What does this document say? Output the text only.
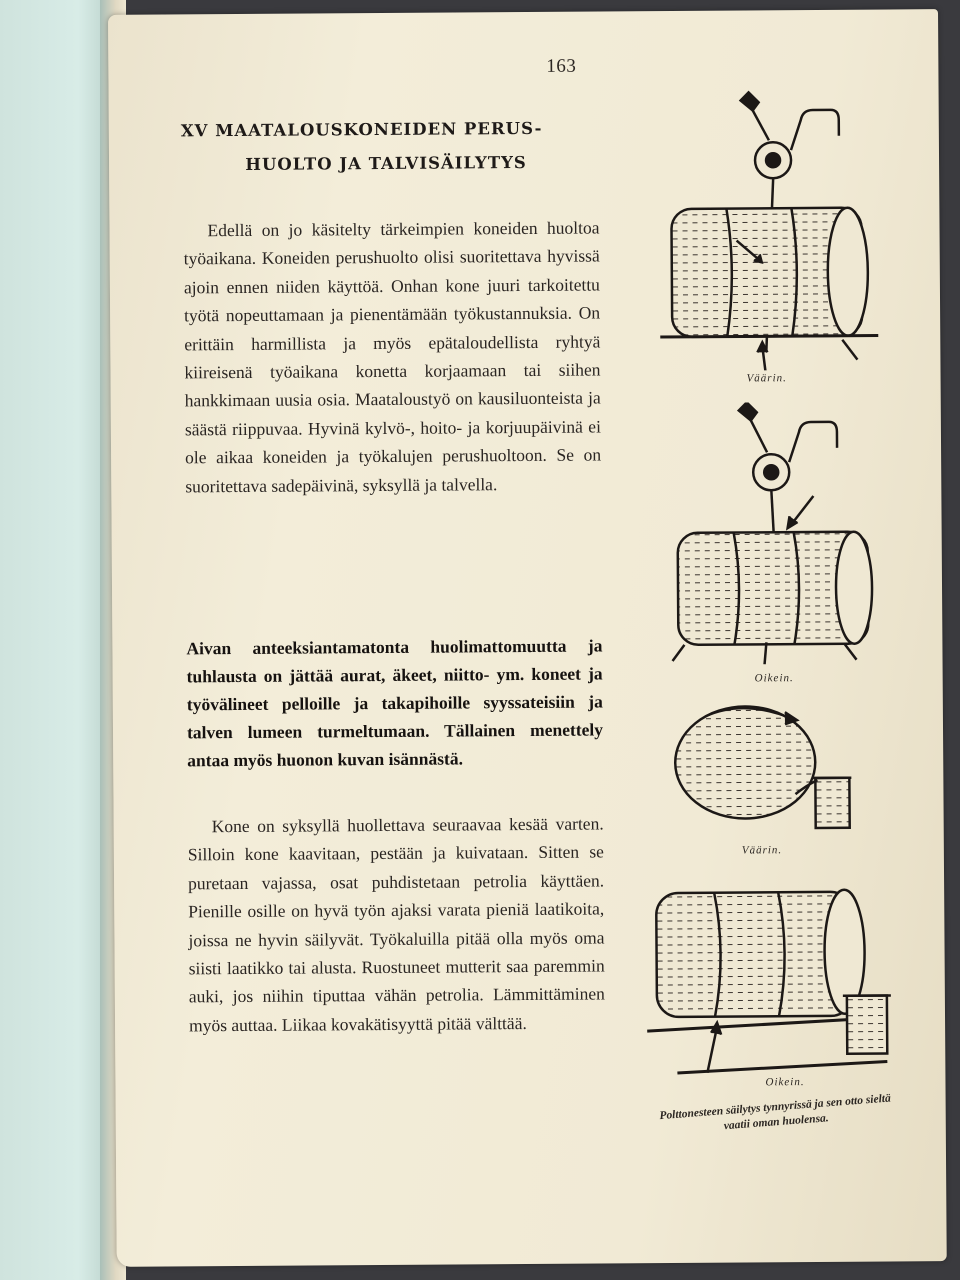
163
XV MAATALOUSKONEIDEN PERUS-
HUOLTO JA TALVISÄILYTYS

Edellä on jo käsitelty tärkeimpien koneiden huoltoa työaikana. Koneiden perushuolto olisi suoritettava hyvissä ajoin ennen niiden käyttöä. Onhan kone juuri tarkoitettu työtä nopeuttamaan ja pienentämään työkustannuksia. On erittäin harmillista ja myös epätaloudellista ryhtyä kiireisenä työaikana konetta korjaamaan tai siihen hankkimaan uusia osia. Maataloustyö on kausiluonteista ja säästä riippuvaa. Hyvinä kylvö-, hoito- ja korjuupäivinä ei ole aikaa koneiden ja työkalujen perushuoltoon. Se on suoritettava sadepäivinä, syksyllä ja talvella.

Aivan anteeksiantamatonta huolimattomuutta ja tuhlausta on jättää aurat, äkeet, niitto- ym. koneet ja työvälineet pelloille ja takapihoille syyssateisiin ja talven lumeen turmeltumaan. Tällainen menettely antaa myös huonon kuvan isännästä.

Kone on syksyllä huollettava seuraavaa kesää varten. Silloin kone kaavitaan, pestään ja kuivataan. Sitten se puretaan vajassa, osat puhdistetaan petrolia käyttäen. Pienille osille on hyvä työn ajaksi varata pieniä laatikoita, joissa ne hyvin säilyvät. Työkaluilla pitää olla myös oma siisti laatikko tai alusta. Ruostuneet mutterit saa paremmin auki, jos niihin tiputtaa vähän petrolia. Lämmittäminen myös auttaa. Liikaa kovakätisyyttä pitää välttää.

Väärin.
Oikein.
Väärin.
Oikein.
Polttonesteen säilytys tynnyrissä ja sen otto sieltä vaatii oman huolensa.
